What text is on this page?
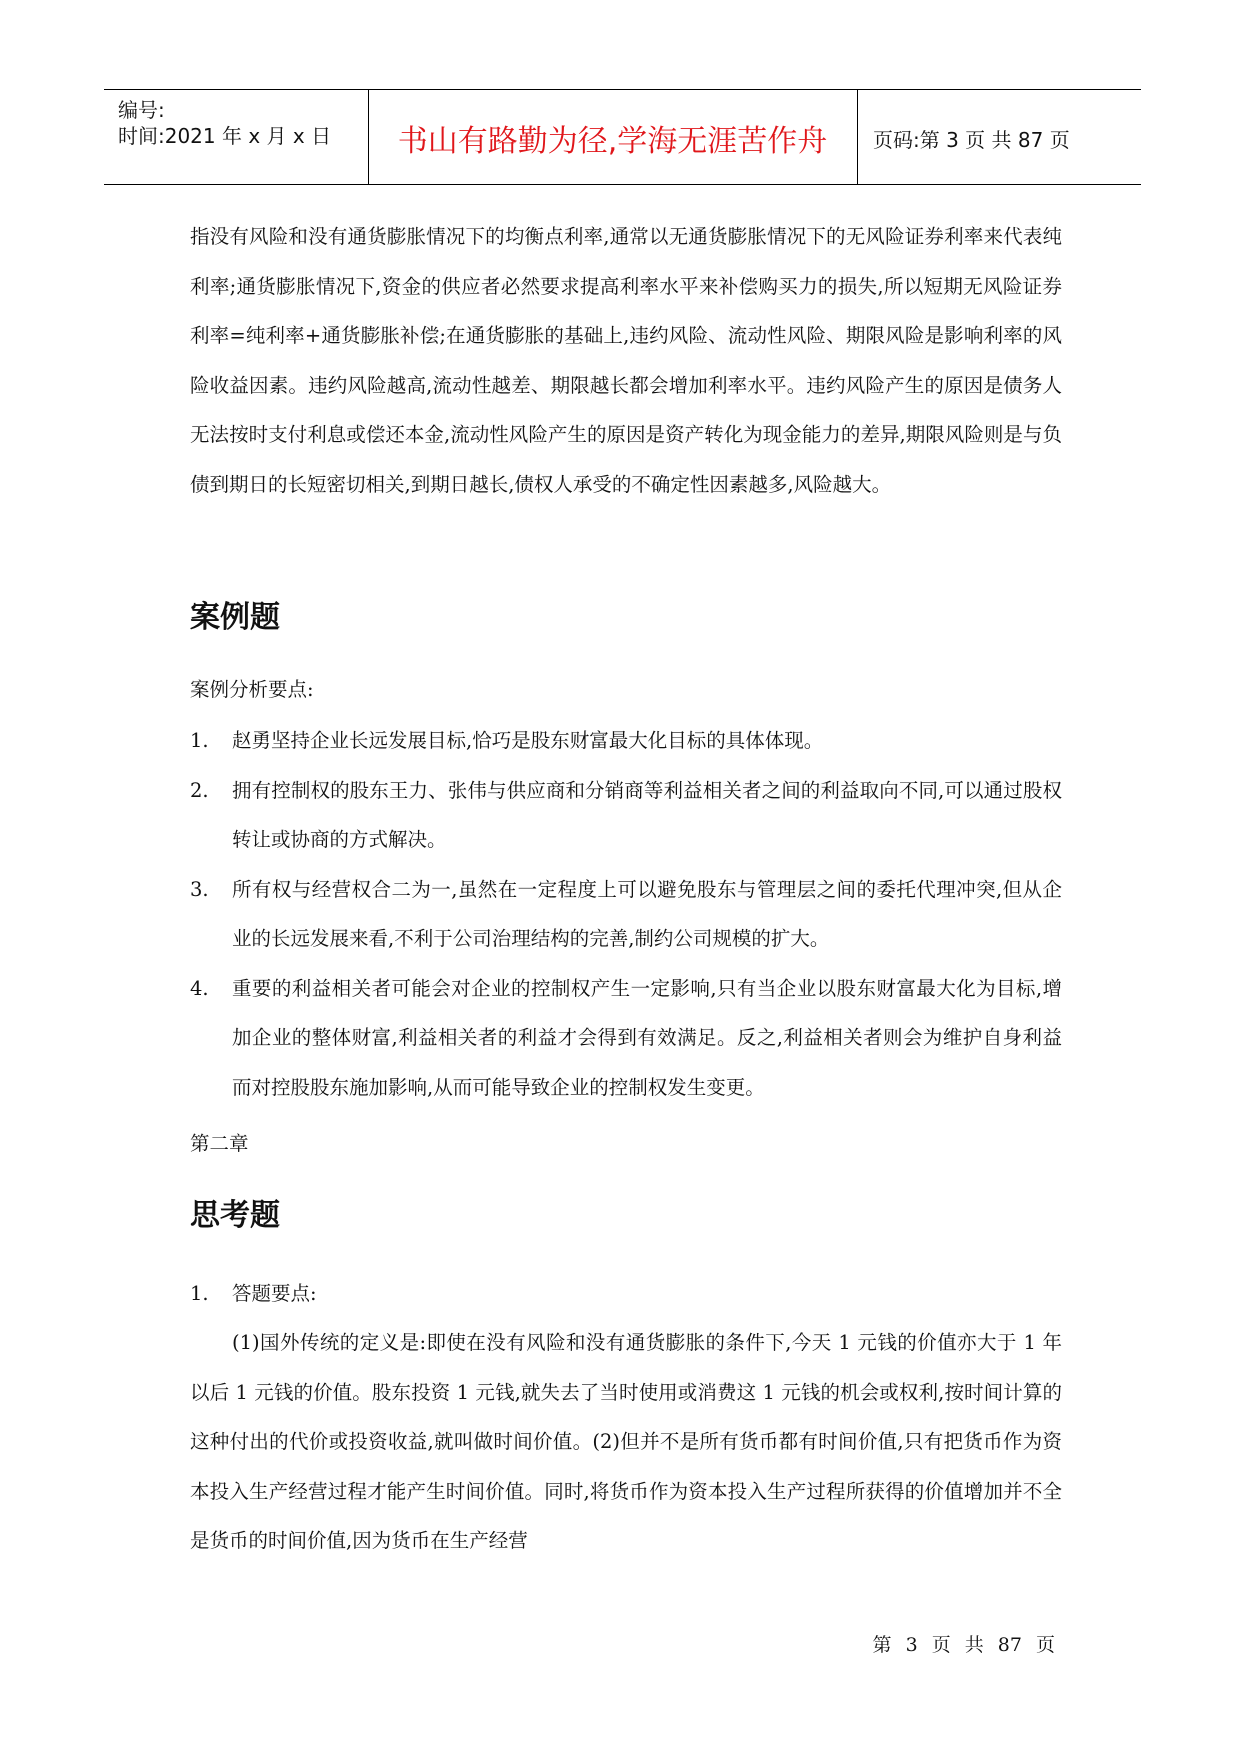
编号:
时间:2021 年 x 月 x 日	书山有路勤为径,学海无涯苦作舟	页码:第 3 页 共 87 页

指没有风险和没有通货膨胀情况下的均衡点利率,通常以无通货膨胀情况下的无风险证券利率来代表纯利率;通货膨胀情况下,资金的供应者必然要求提高利率水平来补偿购买力的损失,所以短期无风险证券利率=纯利率+通货膨胀补偿;在通货膨胀的基础上,违约风险、流动性风险、期限风险是影响利率的风险收益因素。违约风险越高,流动性越差、期限越长都会增加利率水平。违约风险产生的原因是债务人无法按时支付利息或偿还本金,流动性风险产生的原因是资产转化为现金能力的差异,期限风险则是与负债到期日的长短密切相关,到期日越长,债权人承受的不确定性因素越多,风险越大。

案例题

案例分析要点:

1. 赵勇坚持企业长远发展目标,恰巧是股东财富最大化目标的具体体现。

2. 拥有控制权的股东王力、张伟与供应商和分销商等利益相关者之间的利益取向不同,可以通过股权转让或协商的方式解决。

3. 所有权与经营权合二为一,虽然在一定程度上可以避免股东与管理层之间的委托代理冲突,但从企业的长远发展来看,不利于公司治理结构的完善,制约公司规模的扩大。

4. 重要的利益相关者可能会对企业的控制权产生一定影响,只有当企业以股东财富最大化为目标,增加企业的整体财富,利益相关者的利益才会得到有效满足。反之,利益相关者则会为维护自身利益而对控股股东施加影响,从而可能导致企业的控制权发生变更。

第二章

思考题

1. 答题要点:

(1)国外传统的定义是:即使在没有风险和没有通货膨胀的条件下,今天 1 元钱的价值亦大于 1 年以后 1 元钱的价值。股东投资 1 元钱,就失去了当时使用或消费这 1 元钱的机会或权利,按时间计算的这种付出的代价或投资收益,就叫做时间价值。(2)但并不是所有货币都有时间价值,只有把货币作为资本投入生产经营过程才能产生时间价值。同时,将货币作为资本投入生产过程所获得的价值增加并不全是货币的时间价值,因为货币在生产经营

第 3 页 共 87 页
